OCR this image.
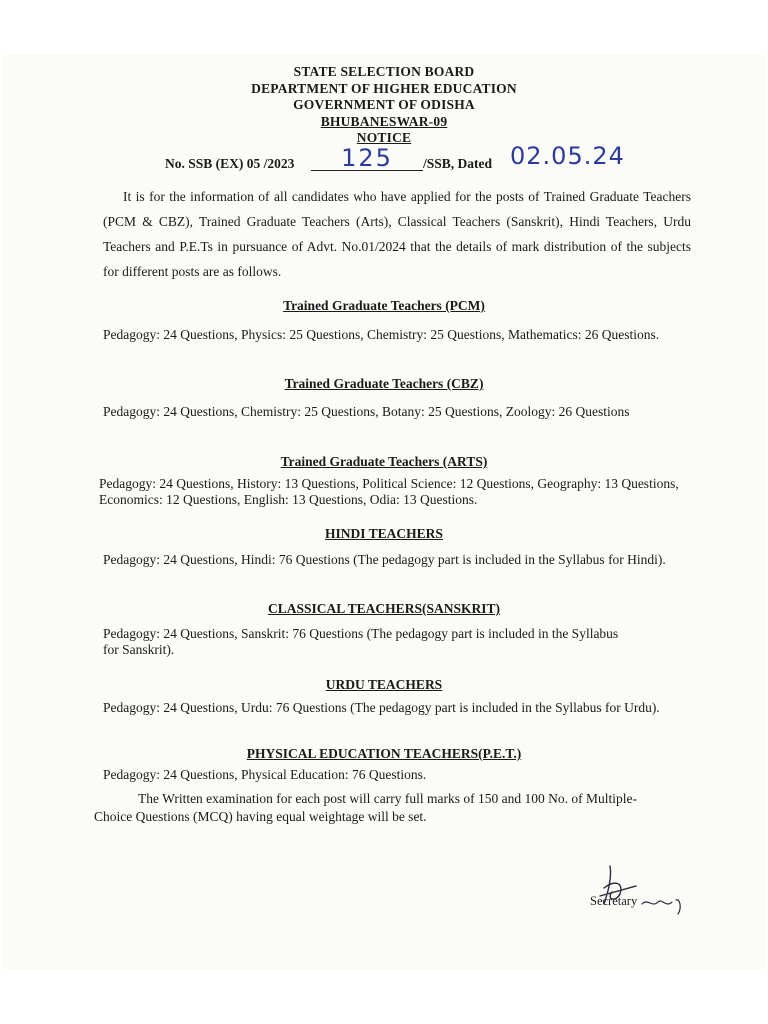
STATE SELECTION BOARD
DEPARTMENT OF HIGHER EDUCATION
GOVERNMENT OF ODISHA
BHUBANESWAR-09
NOTICE
No. SSB (EX) 05 /2023	125	/SSB, Dated 02.05.24
It is for the information of all candidates who have applied for the posts of Trained Graduate Teachers (PCM & CBZ), Trained Graduate Teachers (Arts), Classical Teachers (Sanskrit), Hindi Teachers, Urdu Teachers and P.E.Ts in pursuance of Advt. No.01/2024 that the details of mark distribution of the subjects for different posts are as follows.
Trained Graduate Teachers (PCM)
Pedagogy: 24 Questions, Physics: 25 Questions, Chemistry: 25 Questions, Mathematics: 26 Questions.
Trained Graduate Teachers (CBZ)
Pedagogy: 24 Questions, Chemistry: 25 Questions, Botany: 25 Questions, Zoology: 26 Questions
Trained Graduate Teachers (ARTS)
Pedagogy: 24 Questions, History: 13 Questions, Political Science: 12 Questions, Geography: 13 Questions, Economics: 12 Questions, English: 13 Questions, Odia: 13 Questions.
HINDI TEACHERS
Pedagogy: 24 Questions, Hindi: 76 Questions (The pedagogy part is included in the Syllabus for Hindi).
CLASSICAL TEACHERS(SANSKRIT)
Pedagogy: 24 Questions, Sanskrit: 76 Questions (The pedagogy part is included in the Syllabus for Sanskrit).
URDU TEACHERS
Pedagogy: 24 Questions, Urdu: 76 Questions (The pedagogy part is included in the Syllabus for Urdu).
PHYSICAL EDUCATION TEACHERS(P.E.T.)
Pedagogy: 24 Questions, Physical Education: 76 Questions.
The Written examination for each post will carry full marks of 150 and 100 No. of Multiple-Choice Questions (MCQ) having equal weightage will be set.
Secretary
